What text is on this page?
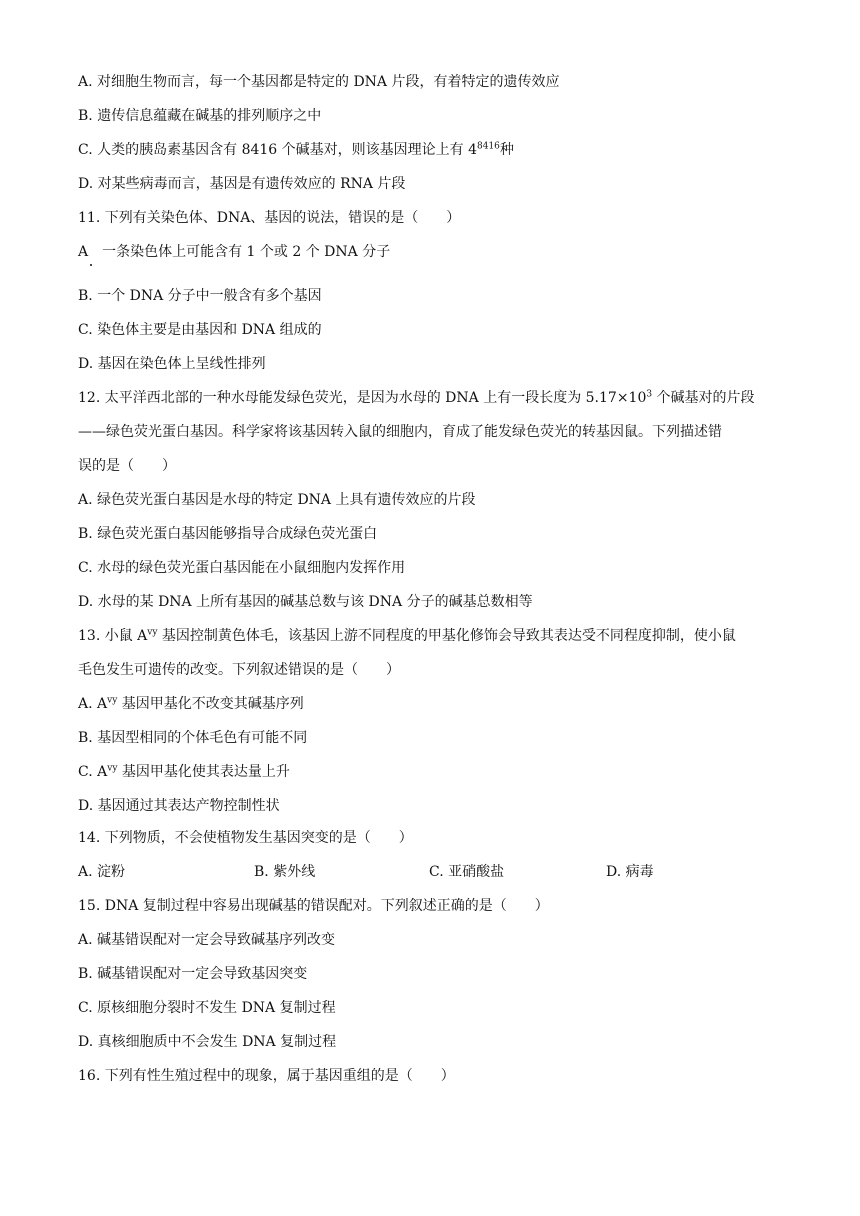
A. 对细胞生物而言，每一个基因都是特定的 DNA 片段，有着特定的遗传效应
B. 遗传信息蕴藏在碱基的排列顺序之中
C. 人类的胰岛素基因含有 8416 个碱基对，则该基因理论上有 $4^{8416}$种
D. 对某些病毒而言，基因是有遗传效应的 RNA 片段
11. 下列有关染色体、DNA、基因的说法，错误的是（　　）
A　一条染色体上可能含有 1 个或 2 个 DNA 分子
B. 一个 DNA 分子中一般含有多个基因
C. 染色体主要是由基因和 DNA 组成的
D. 基因在染色体上呈线性排列
12. 太平洋西北部的一种水母能发绿色荧光，是因为水母的 DNA 上有一段长度为 $5.17\times 10^3$ 个碱基对的片段
——绿色荧光蛋白基因。科学家将该基因转入鼠的细胞内，育成了能发绿色荧光的转基因鼠。下列描述错
误的是（　　）
A. 绿色荧光蛋白基因是水母的特定 DNA 上具有遗传效应的片段
B. 绿色荧光蛋白基因能够指导合成绿色荧光蛋白
C. 水母的绿色荧光蛋白基因能在小鼠细胞内发挥作用
D. 水母的某 DNA 上所有基因的碱基总数与该 DNA 分子的碱基总数相等
13. 小鼠 $A^{vy}$ 基因控制黄色体毛，该基因上游不同程度的甲基化修饰会导致其表达受不同程度抑制，使小鼠
毛色发生可遗传的改变。下列叙述错误的是（　　）
A. $A^{vy}$ 基因甲基化不改变其碱基序列
B. 基因型相同的个体毛色有可能不同
C. $A^{vy}$ 基因甲基化使其表达量上升
D. 基因通过其表达产物控制性状
14. 下列物质，不会使植物发生基因突变的是（　　）
A. 淀粉	B. 紫外线	C. 亚硝酸盐	D. 病毒
15. DNA 复制过程中容易出现碱基的错误配对。下列叙述正确的是（　　）
A. 碱基错误配对一定会导致碱基序列改变
B. 碱基错误配对一定会导致基因突变
C. 原核细胞分裂时不发生 DNA 复制过程
D. 真核细胞质中不会发生 DNA 复制过程
16. 下列有性生殖过程中的现象，属于基因重组的是（　　）
